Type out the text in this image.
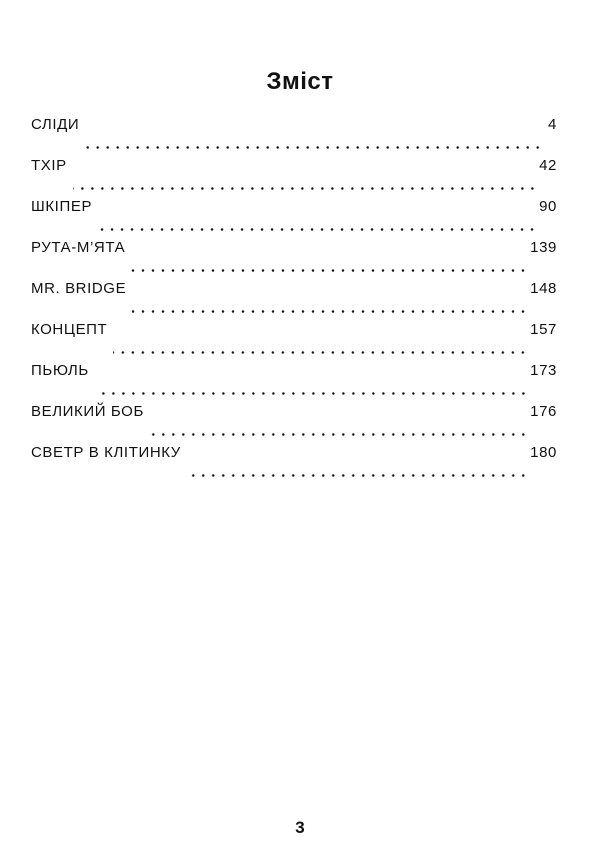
Зміст
СЛІДИ	4
ТХІР	42
ШКІПЕР	90
РУТА-М’ЯТА	139
MR. BRIDGE	148
КОНЦЕПТ	157
ПЬЮЛЬ	173
ВЕЛИКИЙ БОБ	176
СВЕТР В КЛІТИНКУ	180
3
